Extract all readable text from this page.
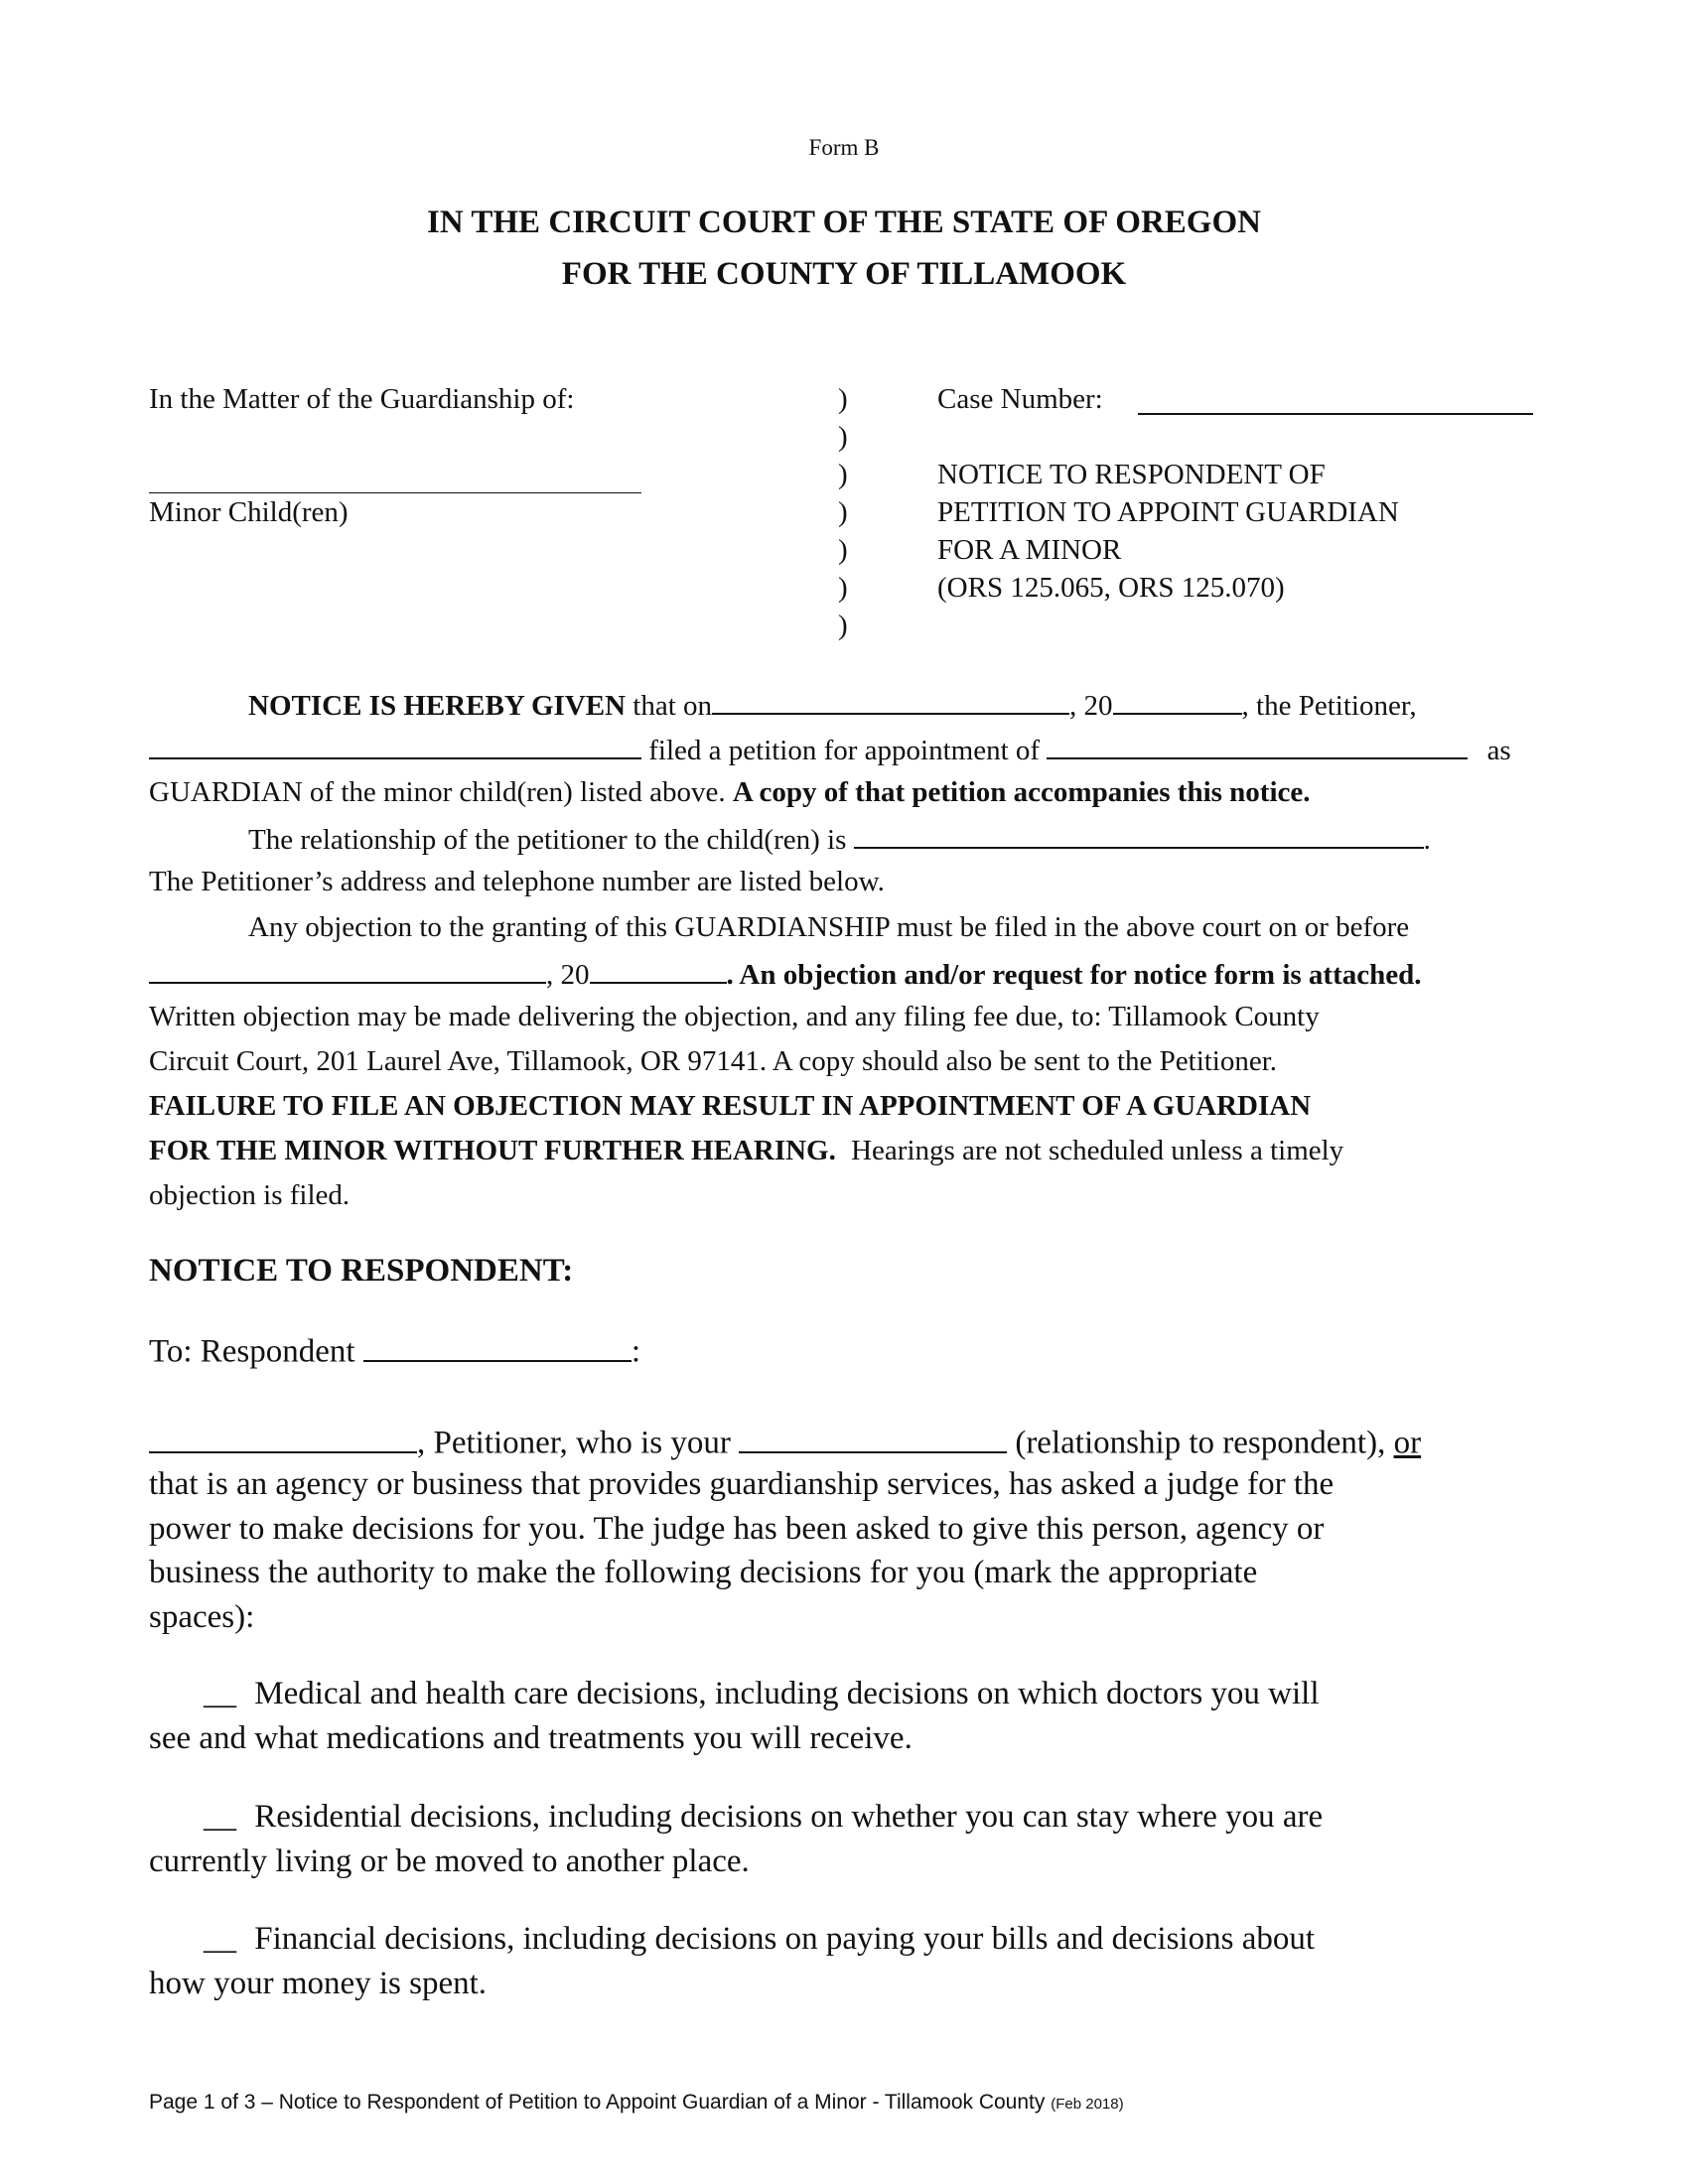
Form B
IN THE CIRCUIT COURT OF THE STATE OF OREGON
FOR THE COUNTY OF TILLAMOOK
In the Matter of the Guardianship of:
Minor Child(ren)
)
)
)
)
)
)
)
Case Number:
NOTICE TO RESPONDENT OF
PETITION TO APPOINT GUARDIAN
FOR A MINOR
(ORS 125.065, ORS 125.070)
NOTICE IS HEREBY GIVEN that on	, 20	, the Petitioner,
filed a petition for appointment of	as
GUARDIAN of the minor child(ren) listed above. A copy of that petition accompanies this notice.
The relationship of the petitioner to the child(ren) is	.
The Petitioner’s address and telephone number are listed below.
Any objection to the granting of this GUARDIANSHIP must be filed in the above court on or before
, 20	. An objection and/or request for notice form is attached.
Written objection may be made delivering the objection, and any filing fee due, to: Tillamook County
Circuit Court, 201 Laurel Ave, Tillamook, OR 97141. A copy should also be sent to the Petitioner.
FAILURE TO FILE AN OBJECTION MAY RESULT IN APPOINTMENT OF A GUARDIAN
FOR THE MINOR WITHOUT FURTHER HEARING. Hearings are not scheduled unless a timely
objection is filed.
NOTICE TO RESPONDENT:
To: Respondent	:
, Petitioner, who is your	(relationship to respondent), or
that is an agency or business that provides guardianship services, has asked a judge for the
power to make decisions for you. The judge has been asked to give this person, agency or
business the authority to make the following decisions for you (mark the appropriate
spaces):
__ Medical and health care decisions, including decisions on which doctors you will
see and what medications and treatments you will receive.
__ Residential decisions, including decisions on whether you can stay where you are
currently living or be moved to another place.
__ Financial decisions, including decisions on paying your bills and decisions about
how your money is spent.
Page 1 of 3 – Notice to Respondent of Petition to Appoint Guardian of a Minor - Tillamook County (Feb 2018)
